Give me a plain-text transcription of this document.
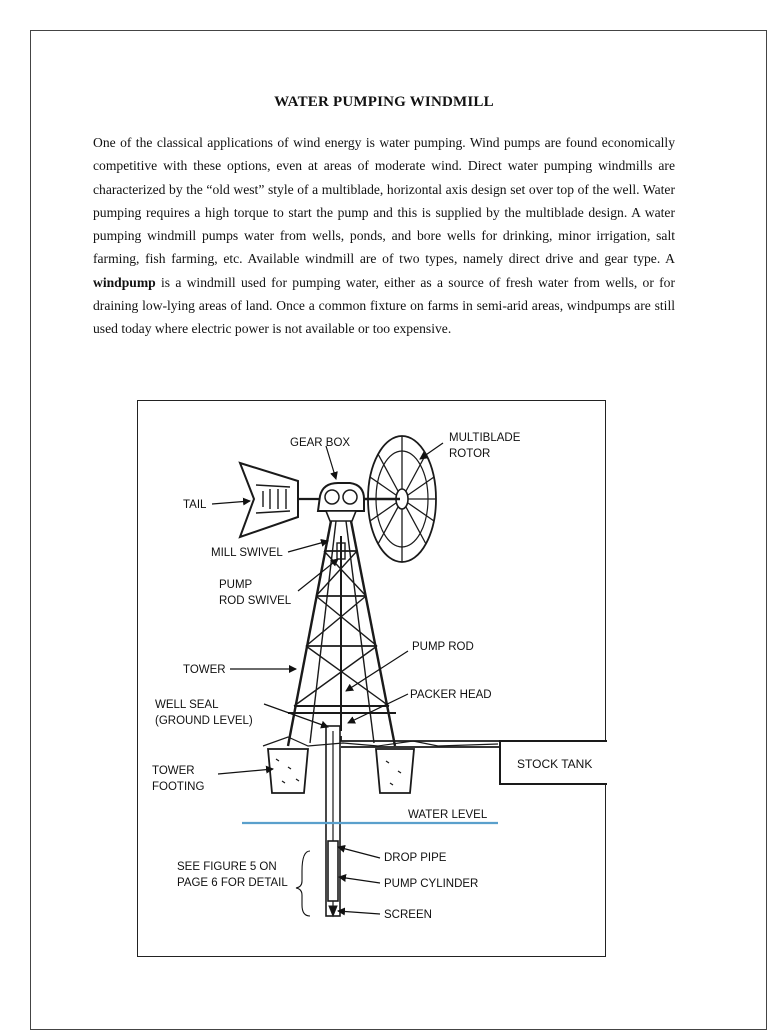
WATER PUMPING WINDMILL

One of the classical applications of wind energy is water pumping. Wind pumps are found economically competitive with these options, even at areas of moderate wind. Direct water pumping windmills are characterized by the “old west” style of a multiblade, horizontal axis design set over top of the well. Water pumping requires a high torque to start the pump and this is supplied by the multiblade design. A water pumping windmill pumps water from wells, ponds, and bore wells for drinking, minor irrigation, salt farming, fish farming, etc. Available windmill are of two types, namely direct drive and gear type. A windpump is a windmill used for pumping water, either as a source of fresh water from wells, or for draining low-lying areas of land. Once a common fixture on farms in semi-arid areas, windpumps are still used today where electric power is not available or too expensive.

GEAR BOX	MULTIBLADE
ROTOR
TAIL
MILL SWIVEL
PUMP
ROD SWIVEL
PUMP ROD
TOWER
PACKER HEAD
WELL SEAL
(GROUND LEVEL)
STOCK TANK
TOWER
FOOTING
WATER LEVEL
SEE FIGURE 5 ON
PAGE 6 FOR DETAIL
DROP PIPE
PUMP CYLINDER
SCREEN
